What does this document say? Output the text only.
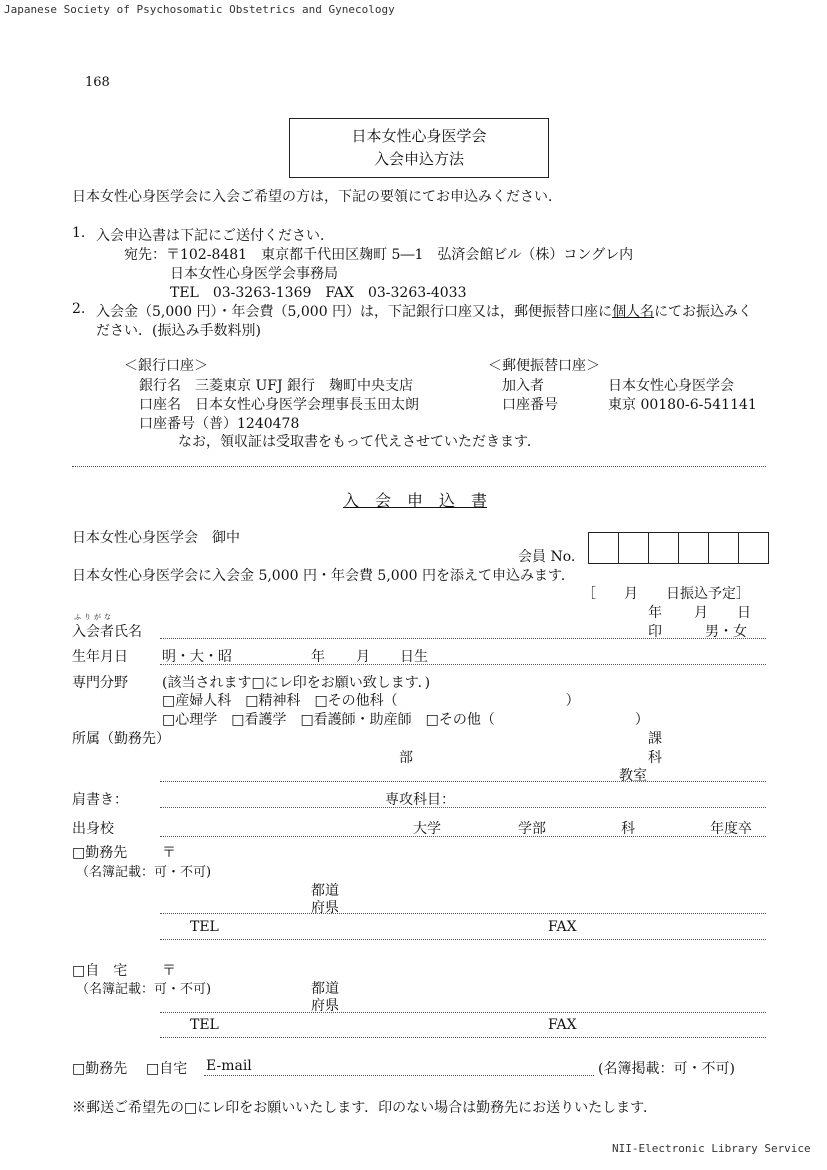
Japanese Society of Psychosomatic Obstetrics and Gynecology
NII-Electronic Library Service
168
日本女性心身医学会
入会申込方法
日本女性心身医学会に入会ご希望の方は，下記の要領にてお申込みください．
1. 入会申込書は下記にご送付ください．
宛先：〒102-8481　東京都千代田区麹町 5―1　弘済会館ビル（株）コングレ内
日本女性心身医学会事務局
TEL　03-3263-1369　FAX　03-3263-4033
2. 入会金（5,000 円）・年会費（5,000 円）は，下記銀行口座又は，郵便振替口座に個人名にてお振込みく
ださい．(振込み手数料別)
＜銀行口座＞
銀行名　三菱東京 UFJ 銀行　麹町中央支店
口座名　日本女性心身医学会理事長玉田太朗
口座番号（普）1240478
＜郵便振替口座＞
加入者	日本女性心身医学会
口座番号	東京 00180-6-541141
なお，領収証は受取書をもって代えさせていただきます．
入　会　申　込　書
日本女性心身医学会　御中
会員 No.
日本女性心身医学会に入会金 5,000 円・年会費 5,000 円を添えて申込みます．
［　　月　　日振込予定］
年 月 日
ふりがな
入会者氏名	印	男・女
生年月日 明・大・昭	年 月 日生
専門分野 (該当されます□にレ印をお願い致します．)
□産婦人科　□精神科　□その他科（　　　　　　　　　　　　）
□心理学　□看護学　□看護師・助産師　□その他（　　　　　　　　　　）
所属（勤務先）	課
部	科
教室
肩書き：	専攻科目：
出身校	大学	学部	科	年度卒
□勤務先 〒
（名簿記載：可・不可)
都道
府県
TEL	FAX
□自　宅 〒
（名簿記載：可・不可)	都道
府県
TEL	FAX
□勤務先 □自宅 E-mail	(名簿掲載：可・不可)
※郵送ご希望先の□にレ印をお願いいたします．印のない場合は勤務先にお送りいたします．
